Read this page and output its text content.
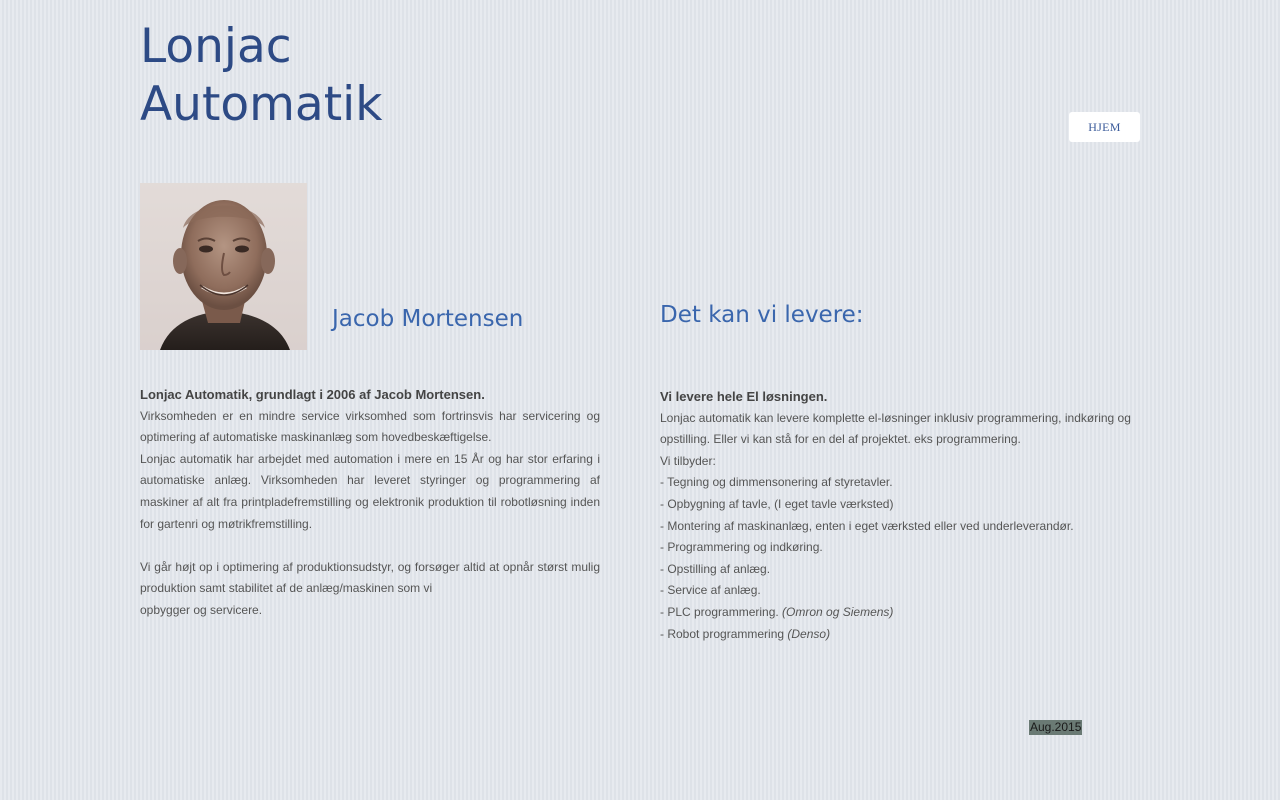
Lonjac
Automatik	HJEM
Jacob Mortensen	Det kan vi levere:

Lonjac Automatik, grundlagt i 2006 af Jacob Mortensen.

Virksomheden er en mindre service virksomhed som fortrinsvis har servicering og optimering af automatiske maskinanlæg som hovedbeskæftigelse.

Lonjac automatik har arbejdet med automation i mere en 15 År og har stor erfaring i automatiske anlæg. Virksomheden har leveret styringer og programmering af maskiner af alt fra printpladefremstilling og elektronik produktion til robotløsning inden for gartenri og møtrikfremstilling.

Vi går højt op i optimering af produktionsudstyr, og forsøger altid at opnår størst mulig produktion samt stabilitet af de anlæg/maskinen som vi

opbygger og servicere.

Vi levere hele El løsningen.

Lonjac automatik kan levere komplette el-løsninger inklusiv programmering, indkøring og opstilling. Eller vi kan stå for en del af projektet. eks programmering.

Vi tilbyder:

- Tegning og dimmensonering af styretavler.

- Opbygning af tavle, (I eget tavle værksted)

- Montering af maskinanlæg, enten i eget værksted eller ved underleverandør.

- Programmering og indkøring.

- Opstilling af anlæg.

- Service af anlæg.

- PLC programmering. (Omron og Siemens)

- Robot programmering (Denso)

Aug.2015
